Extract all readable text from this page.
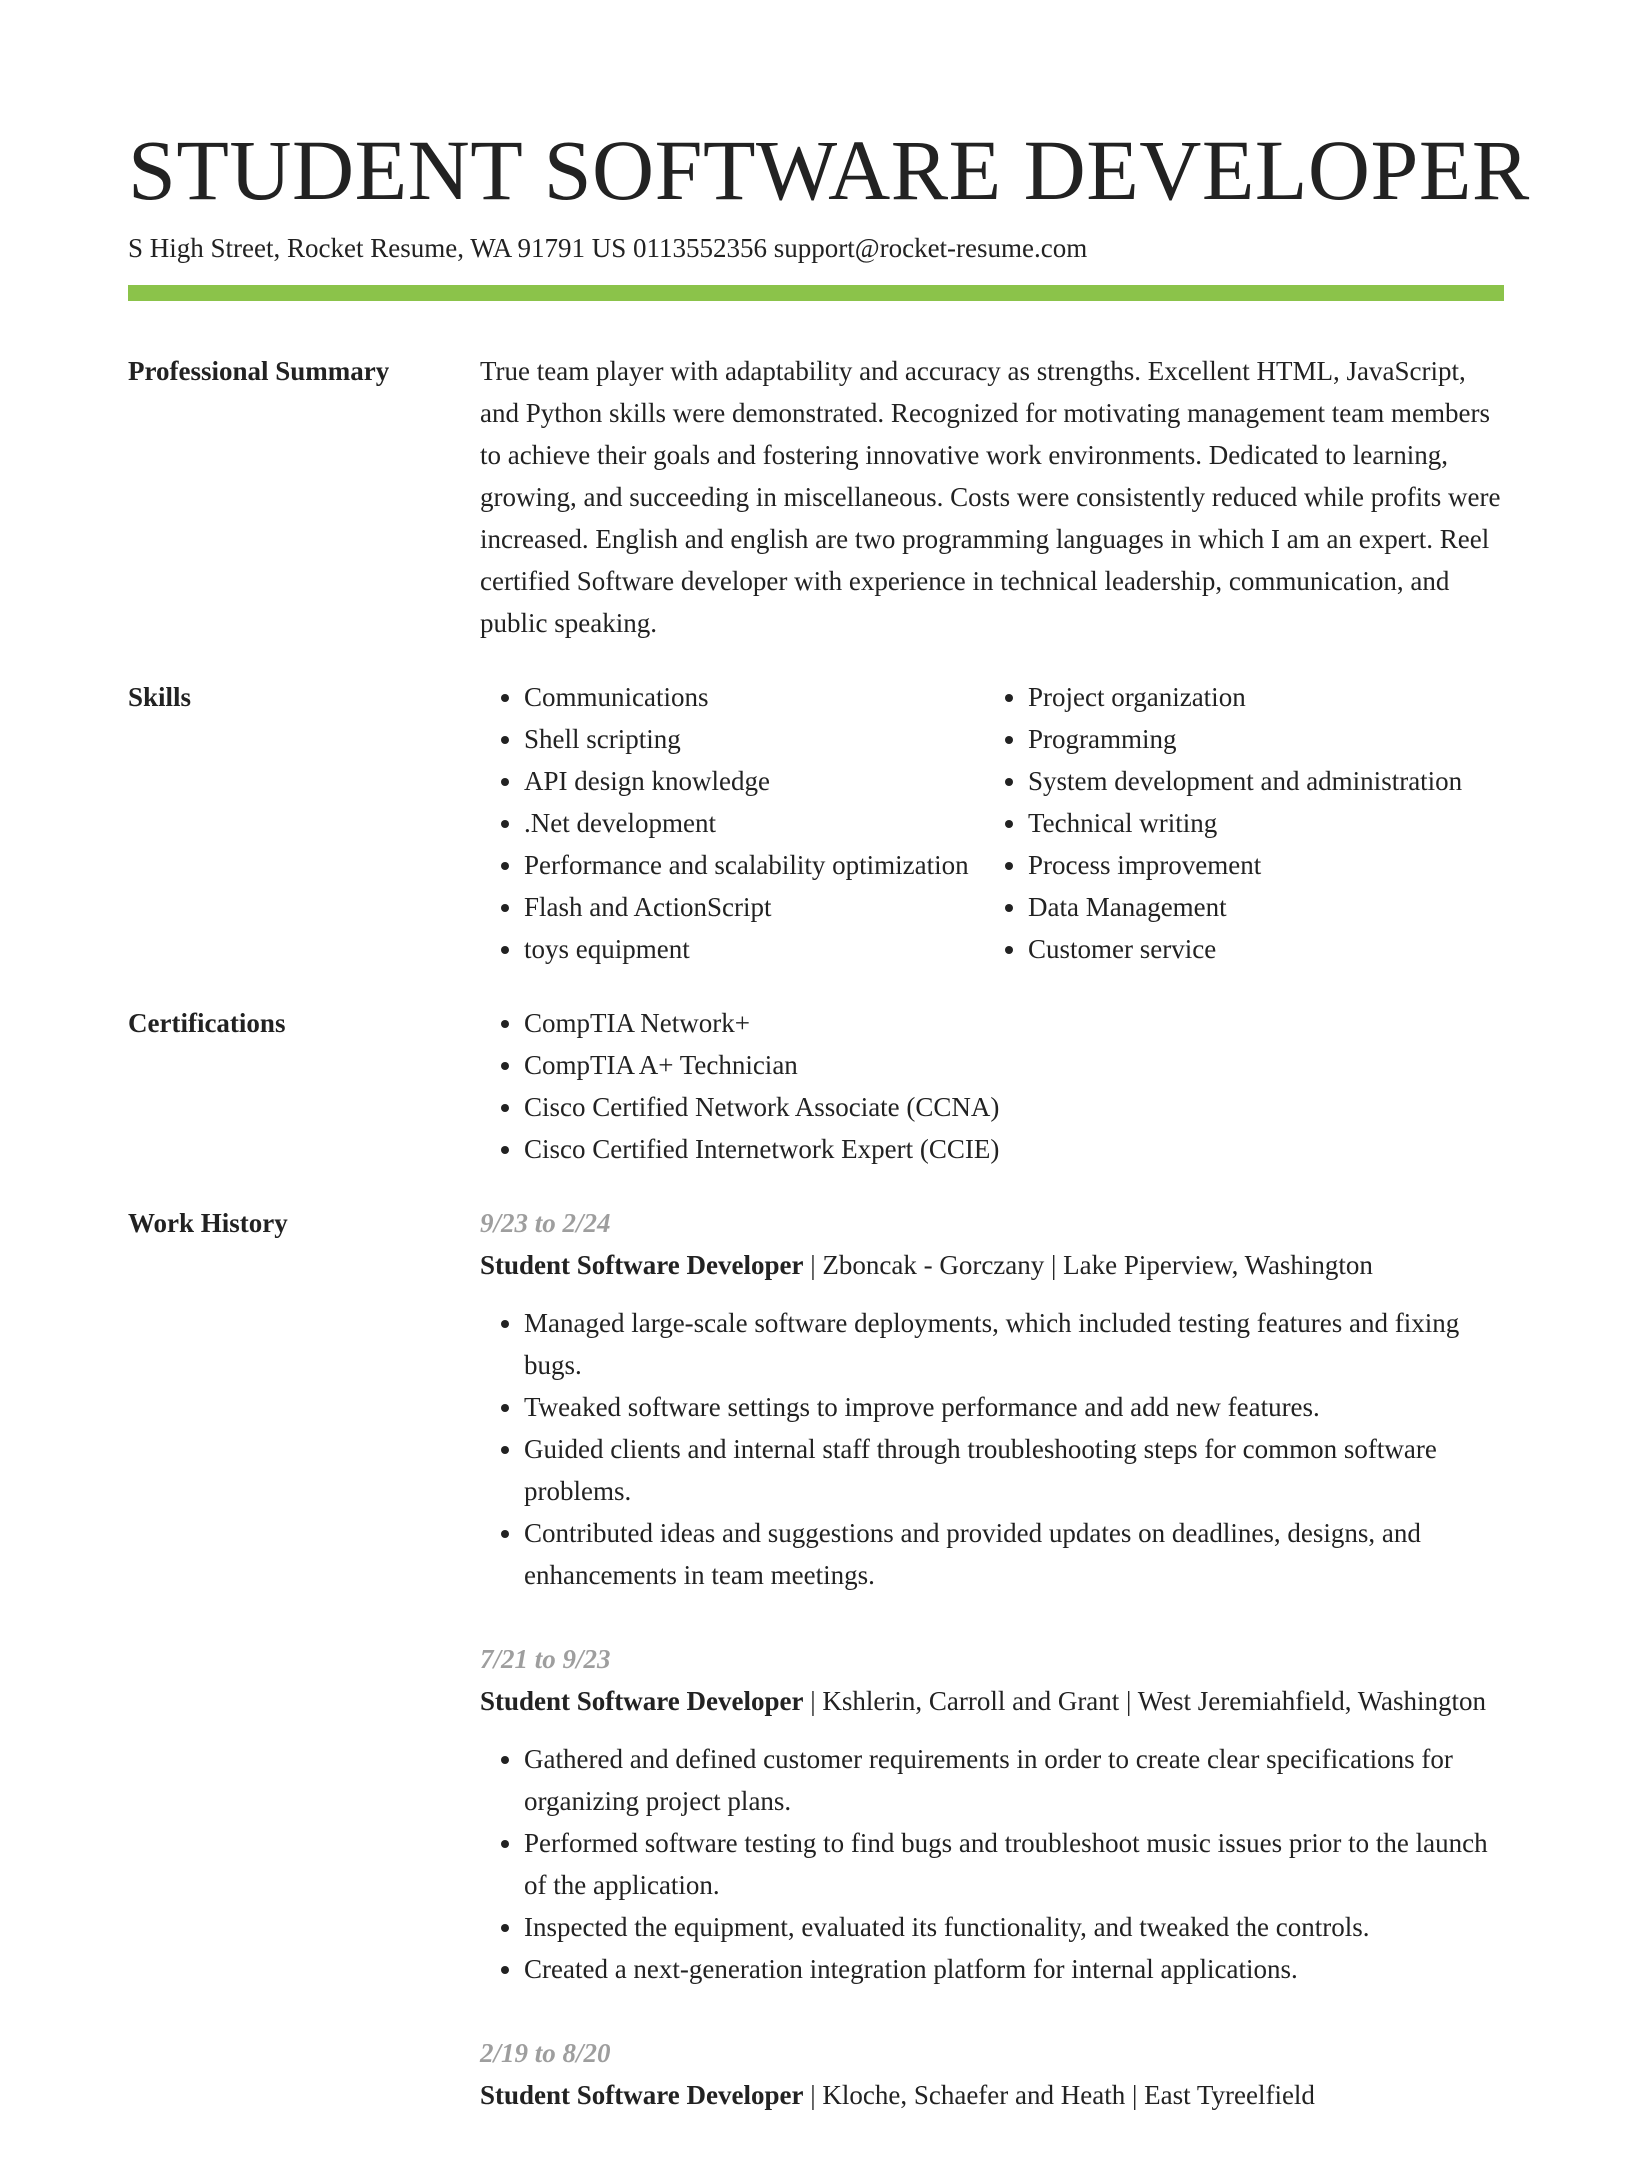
STUDENT SOFTWARE DEVELOPER
S High Street, Rocket Resume, WA 91791 US 0113552356 support@rocket-resume.com
Professional Summary	True team player with adaptability and accuracy as strengths. Excellent HTML, JavaScript, and Python skills were demonstrated. Recognized for motivating management team members to achieve their goals and fostering innovative work environments. Dedicated to learning, growing, and succeeding in miscellaneous. Costs were consistently reduced while profits were increased. English and english are two programming languages in which I am an expert. Reel certified Software developer with experience in technical leadership, communication, and public speaking.

Skills	• Communications
• Shell scripting
• API design knowledge
• .Net development
• Performance and scalability optimization
• Flash and ActionScript
• toys equipment
• Project organization
• Programming
• System development and administration
• Technical writing
• Process improvement
• Data Management
• Customer service
Certifications	• CompTIA Network+
• CompTIA A+ Technician
• Cisco Certified Network Associate (CCNA)
• Cisco Certified Internetwork Expert (CCIE)
Work History	9/23 to 2/24
Student Software Developer | Zboncak - Gorczany | Lake Piperview, Washington
• Managed large-scale software deployments, which included testing features and fixing bugs.
• Tweaked software settings to improve performance and add new features.
• Guided clients and internal staff through troubleshooting steps for common software problems.
• Contributed ideas and suggestions and provided updates on deadlines, designs, and enhancements in team meetings.
7/21 to 9/23
Student Software Developer | Kshlerin, Carroll and Grant | West Jeremiahfield, Washington
• Gathered and defined customer requirements in order to create clear specifications for organizing project plans.
• Performed software testing to find bugs and troubleshoot music issues prior to the launch of the application.
• Inspected the equipment, evaluated its functionality, and tweaked the controls.
• Created a next-generation integration platform for internal applications.
2/19 to 8/20
Student Software Developer | Kloche, Schaefer and Heath | East Tyreelfield
